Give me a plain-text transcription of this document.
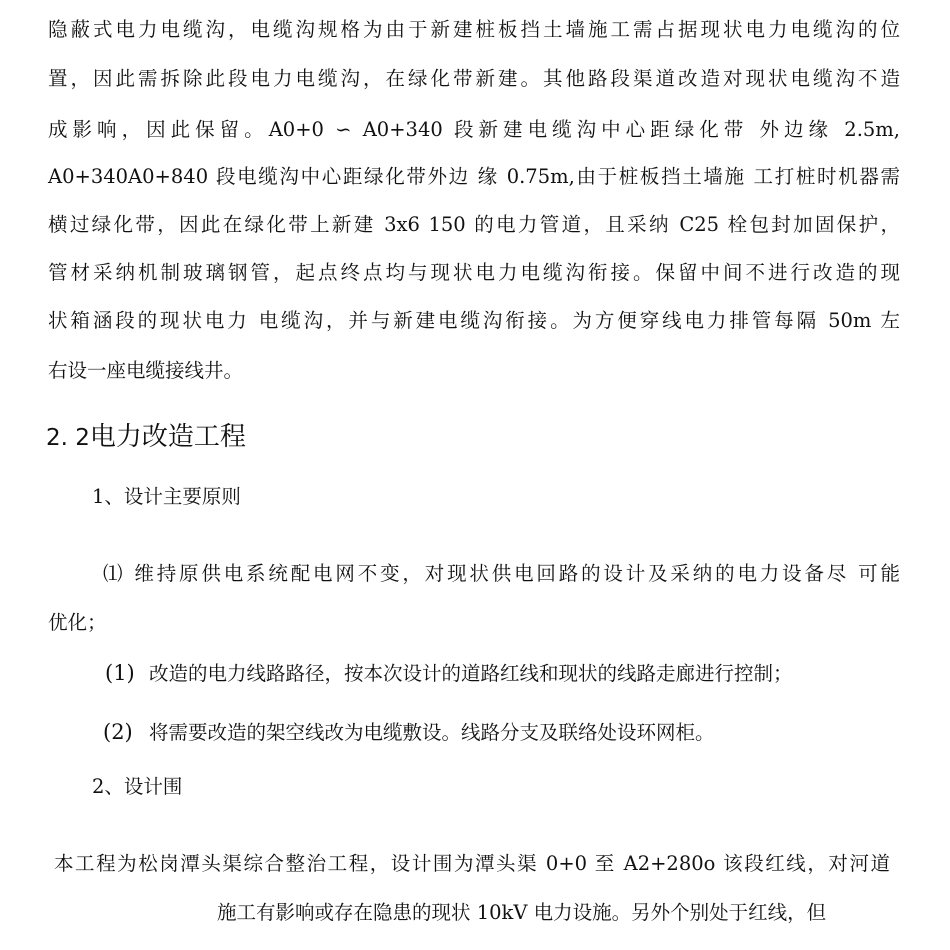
隐蔽式电力电缆沟，电缆沟规格为由于新建桩板挡土墙施工需占据现状电力电缆沟的位
置，因此需拆除此段电力电缆沟，在绿化带新建。其他路段渠道改造对现状电缆沟不造
成影响，因此保留。A0+0 ∽ A0+340 段新建电缆沟中心距绿化带 外边缘 2.5m,
A0+340A0+840 段电缆沟中心距绿化带外边 缘 0.75m,由于桩板挡土墙施 工打桩时机器需
横过绿化带，因此在绿化带上新建 3x6 150 的电力管道，且采纳 C25 栓包封加固保护，
管材采纳机制玻璃钢管，起点终点均与现状电力电缆沟衔接。保留中间不进行改造的现
状箱涵段的现状电力 电缆沟，并与新建电缆沟衔接。为方便穿线电力排管每隔 50m 左
右设一座电缆接线井。
2. 2电力改造工程
1、设计主要原则
⑴ 维持原供电系统配电网不变，对现状供电回路的设计及采纳的电力设备尽 可能
优化；
(1) 改造的电力线路路径，按本次设计的道路红线和现状的线路走廊进行控制；
(2) 将需要改造的架空线改为电缆敷设。线路分支及联络处设环网柜。
2、设计围
本工程为松岗潭头渠综合整治工程，设计围为潭头渠 0+0 至 A2+280o 该段红线，对河道
施工有影响或存在隐患的现状 10kV 电力设施。另外个别处于红线，但
